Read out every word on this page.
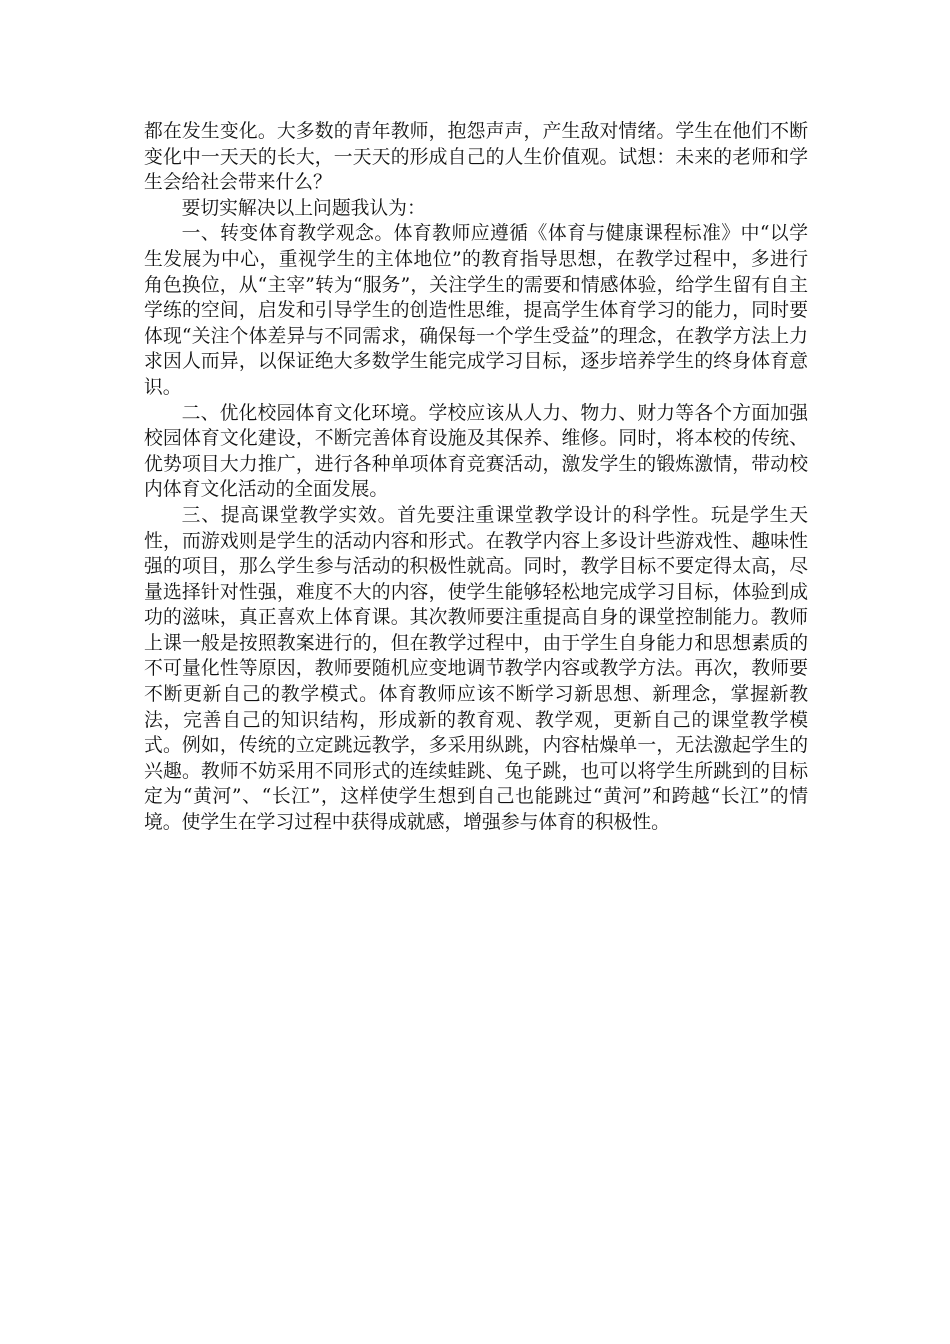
都在发生变化。大多数的青年教师，抱怨声声，产生敌对情绪。学生在他们不断变化中一天天的长大，一天天的形成自己的人生价值观。试想：未来的老师和学生会给社会带来什么？

要切实解决以上问题我认为：

一、转变体育教学观念。体育教师应遵循《体育与健康课程标准》中“以学生发展为中心，重视学生的主体地位”的教育指导思想，在教学过程中，多进行角色换位，从“主宰”转为“服务”，关注学生的需要和情感体验，给学生留有自主学练的空间，启发和引导学生的创造性思维，提高学生体育学习的能力，同时要体现“关注个体差异与不同需求，确保每一个学生受益”的理念，在教学方法上力求因人而异，以保证绝大多数学生能完成学习目标，逐步培养学生的终身体育意识。

二、优化校园体育文化环境。学校应该从人力、物力、财力等各个方面加强校园体育文化建设，不断完善体育设施及其保养、维修。同时，将本校的传统、优势项目大力推广，进行各种单项体育竞赛活动，激发学生的锻炼激情，带动校内体育文化活动的全面发展。

三、提高课堂教学实效。首先要注重课堂教学设计的科学性。玩是学生天性，而游戏则是学生的活动内容和形式。在教学内容上多设计些游戏性、趣味性强的项目，那么学生参与活动的积极性就高。同时，教学目标不要定得太高，尽量选择针对性强，难度不大的内容，使学生能够轻松地完成学习目标，体验到成功的滋味，真正喜欢上体育课。其次教师要注重提高自身的课堂控制能力。教师上课一般是按照教案进行的，但在教学过程中，由于学生自身能力和思想素质的不可量化性等原因，教师要随机应变地调节教学内容或教学方法。再次，教师要不断更新自己的教学模式。体育教师应该不断学习新思想、新理念，掌握新教法，完善自己的知识结构，形成新的教育观、教学观，更新自己的课堂教学模式。例如，传统的立定跳远教学，多采用纵跳，内容枯燥单一，无法激起学生的兴趣。教师不妨采用不同形式的连续蛙跳、兔子跳，也可以将学生所跳到的目标定为“黄河”、“长江”，这样使学生想到自己也能跳过“黄河”和跨越“长江”的情境。使学生在学习过程中获得成就感，增强参与体育的积极性。
